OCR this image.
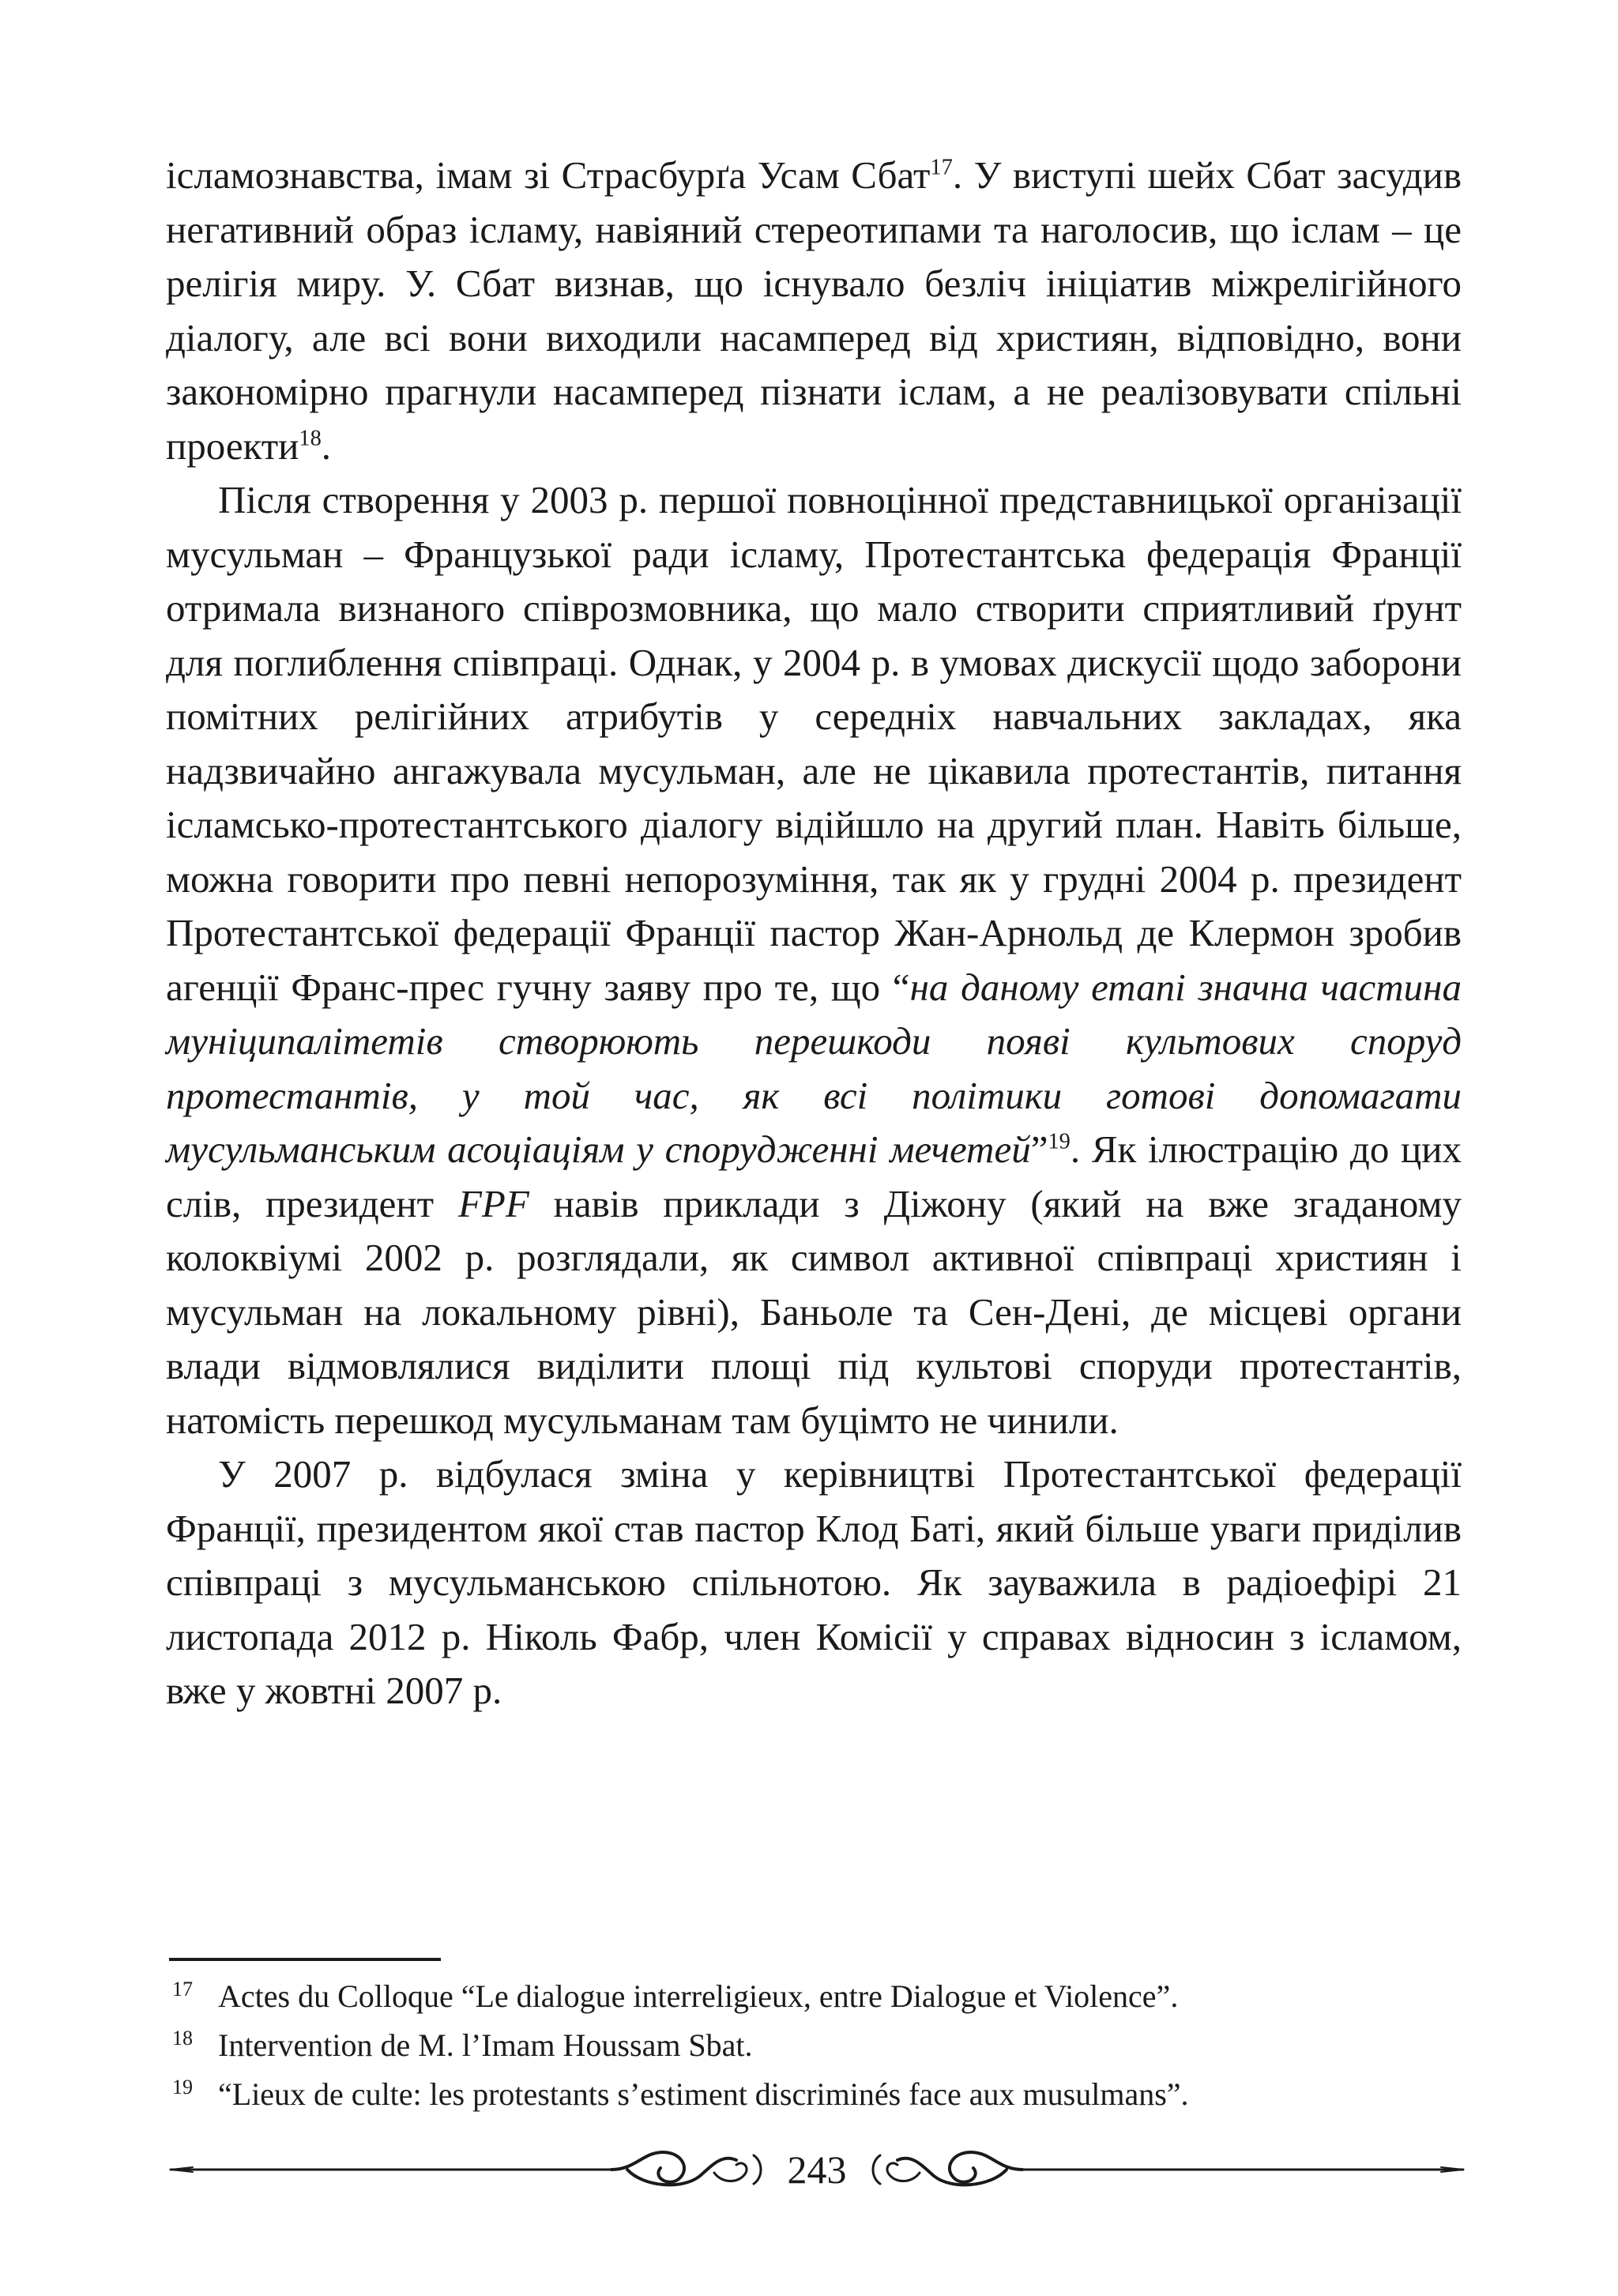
ісламознавства, імам зі Страсбурґа Усам Сбат$^{17}$. У виступі шейх Сбат засудив негативний образ ісламу, навіяний стереотипами та наголосив, що іслам – це релігія миру. У. Сбат визнав, що існувало безліч ініціатив міжрелігійного діалогу, але всі вони виходили насамперед від християн, відповідно, вони закономірно прагнули насамперед пізнати іслам, а не реалізовувати спільні проекти$^{18}$.

Після створення у 2003 р. першої повноцінної представницької організації мусульман – Французької ради ісламу, Протестантська федерація Франції отримала визнаного співрозмовника, що мало створити сприятливий ґрунт для поглиблення співпраці. Однак, у 2004 р. в умовах дискусії щодо заборони помітних релігійних атрибутів у середніх навчальних закладах, яка надзвичайно ангажувала мусульман, але не цікавила протестантів, питання ісламсько-протестантського діалогу відійшло на другий план. Навіть більше, можна говорити про певні непорозуміння, так як у грудні 2004 р. президент Протестантської федерації Франції пастор Жан-Арнольд де Клермон зробив агенції Франс-прес гучну заяву про те, що “на даному етапі значна частина муніципалітетів створюють перешкоди появі культових споруд протестантів, у той час, як всі політики готові допомагати мусульманським асоціаціям у спорудженні мечетей”$^{19}$. Як ілюстрацію до цих слів, президент FPF навів приклади з Діжону (який на вже згаданому колоквіумі 2002 р. розглядали, як символ активної співпраці християн і мусульман на локальному рівні), Баньоле та Сен-Дені, де місцеві органи влади відмовлялися виділити площі під культові споруди протестантів, натомість перешкод мусульманам там буцімто не чинили.

У 2007 р. відбулася зміна у керівництві Протестантської федерації Франції, президентом якої став пастор Клод Баті, який більше уваги приділив співпраці з мусульманською спільнотою. Як зауважила в радіоефірі 21 листопада 2012 р. Ніколь Фабр, член Комісії у справах відносин з ісламом, вже у жовтні 2007 р.

17 Actes du Colloque “Le dialogue interreligieux, entre Dialogue et Violence”.
18 Intervention de M. l’Imam Houssam Sbat.
19 “Lieux de culte: les protestants s’estiment discriminés face aux musulmans”.
243
